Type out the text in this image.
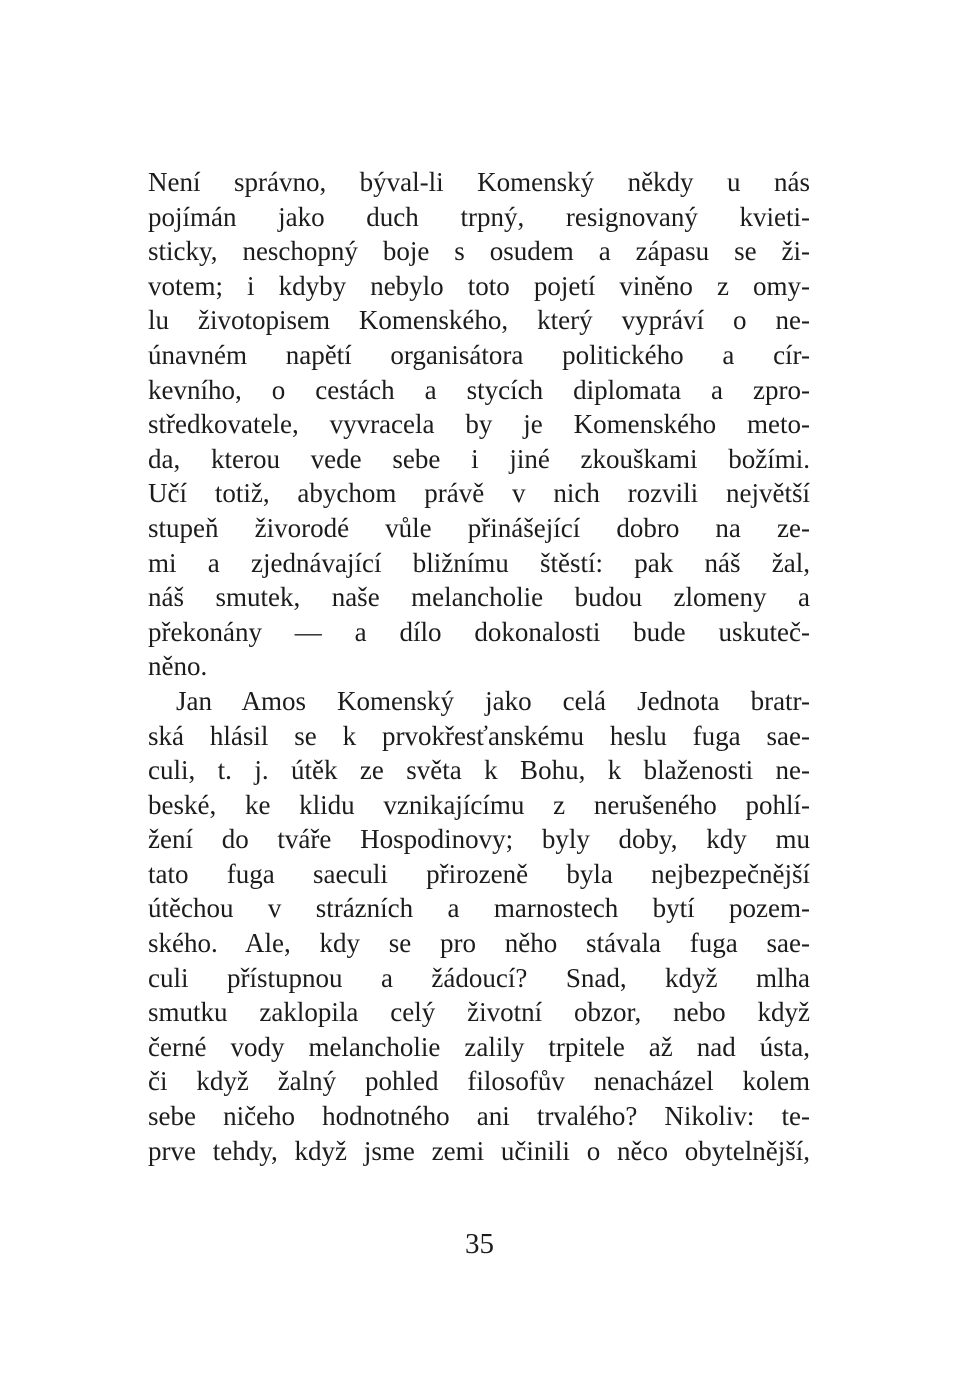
Není správno, býval-li Komenský někdy u nás
pojímán jako duch trpný, resignovaný kvieti-
sticky, neschopný boje s osudem a zápasu se ži-
votem; i kdyby nebylo toto pojetí viněno z omy-
lu životopisem Komenského, který vypráví o ne-
únavném napětí organisátora politického a cír-
kevního, o cestách a stycích diplomata a zpro-
středkovatele, vyvracela by je Komenského meto-
da, kterou vede sebe i jiné zkouškami božími.
Učí totiž, abychom právě v nich rozvili největší
stupeň živorodé vůle přinášející dobro na ze-
mi a zjednávající bližnímu štěstí: pak náš žal,
náš smutek, naše melancholie budou zlomeny a
překonány — a dílo dokonalosti bude uskuteč-
něno.
Jan Amos Komenský jako celá Jednota bratr-
ská hlásil se k prvokřesťanskému heslu fuga sae-
culi, t. j. útěk ze světa k Bohu, k blaženosti ne-
beské, ke klidu vznikajícímu z nerušeného pohlí-
žení do tváře Hospodinovy; byly doby, kdy mu
tato fuga saeculi přirozeně byla nejbezpečnější
útěchou v strázních a marnostech bytí pozem-
ského. Ale, kdy se pro něho stávala fuga sae-
culi přístupnou a žádoucí? Snad, když mlha
smutku zaklopila celý životní obzor, nebo když
černé vody melancholie zalily trpitele až nad ústa,
či když žalný pohled filosofův nenacházel kolem
sebe ničeho hodnotného ani trvalého? Nikoliv: te-
prve tehdy, když jsme zemi učinili o něco obytelnější,
35
